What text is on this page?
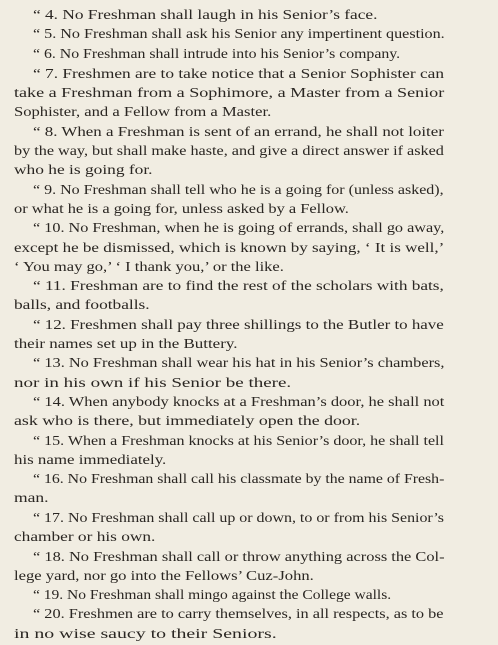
“ 4. No Freshman shall laugh in his Senior’s face.
“ 5. No Freshman shall ask his Senior any impertinent question.
“ 6. No Freshman shall intrude into his Senior’s company.
“ 7. Freshmen are to take notice that a Senior Sophister can
take a Freshman from a Sophimore, a Master from a Senior
Sophister, and a Fellow from a Master.
“ 8. When a Freshman is sent of an errand, he shall not loiter
by the way, but shall make haste, and give a direct answer if asked
who he is going for.
“ 9. No Freshman shall tell who he is a going for (unless asked),
or what he is a going for, unless asked by a Fellow.
“ 10. No Freshman, when he is going of errands, shall go away,
except he be dismissed, which is known by saying, ‘ It is well,’
‘ You may go,’ ‘ I thank you,’ or the like.
“ 11. Freshman are to find the rest of the scholars with bats,
balls, and footballs.
“ 12. Freshmen shall pay three shillings to the Butler to have
their names set up in the Buttery.
“ 13. No Freshman shall wear his hat in his Senior’s chambers,
nor in his own if his Senior be there.
“ 14. When anybody knocks at a Freshman’s door, he shall not
ask who is there, but immediately open the door.
“ 15. When a Freshman knocks at his Senior’s door, he shall tell
his name immediately.
“ 16. No Freshman shall call his classmate by the name of Fresh-
man.
“ 17. No Freshman shall call up or down, to or from his Senior’s
chamber or his own.
“ 18. No Freshman shall call or throw anything across the Col-
lege yard, nor go into the Fellows’ Cuz-John.
“ 19. No Freshman shall mingo against the College walls.
“ 20. Freshmen are to carry themselves, in all respects, as to be
in no wise saucy to their Seniors.
